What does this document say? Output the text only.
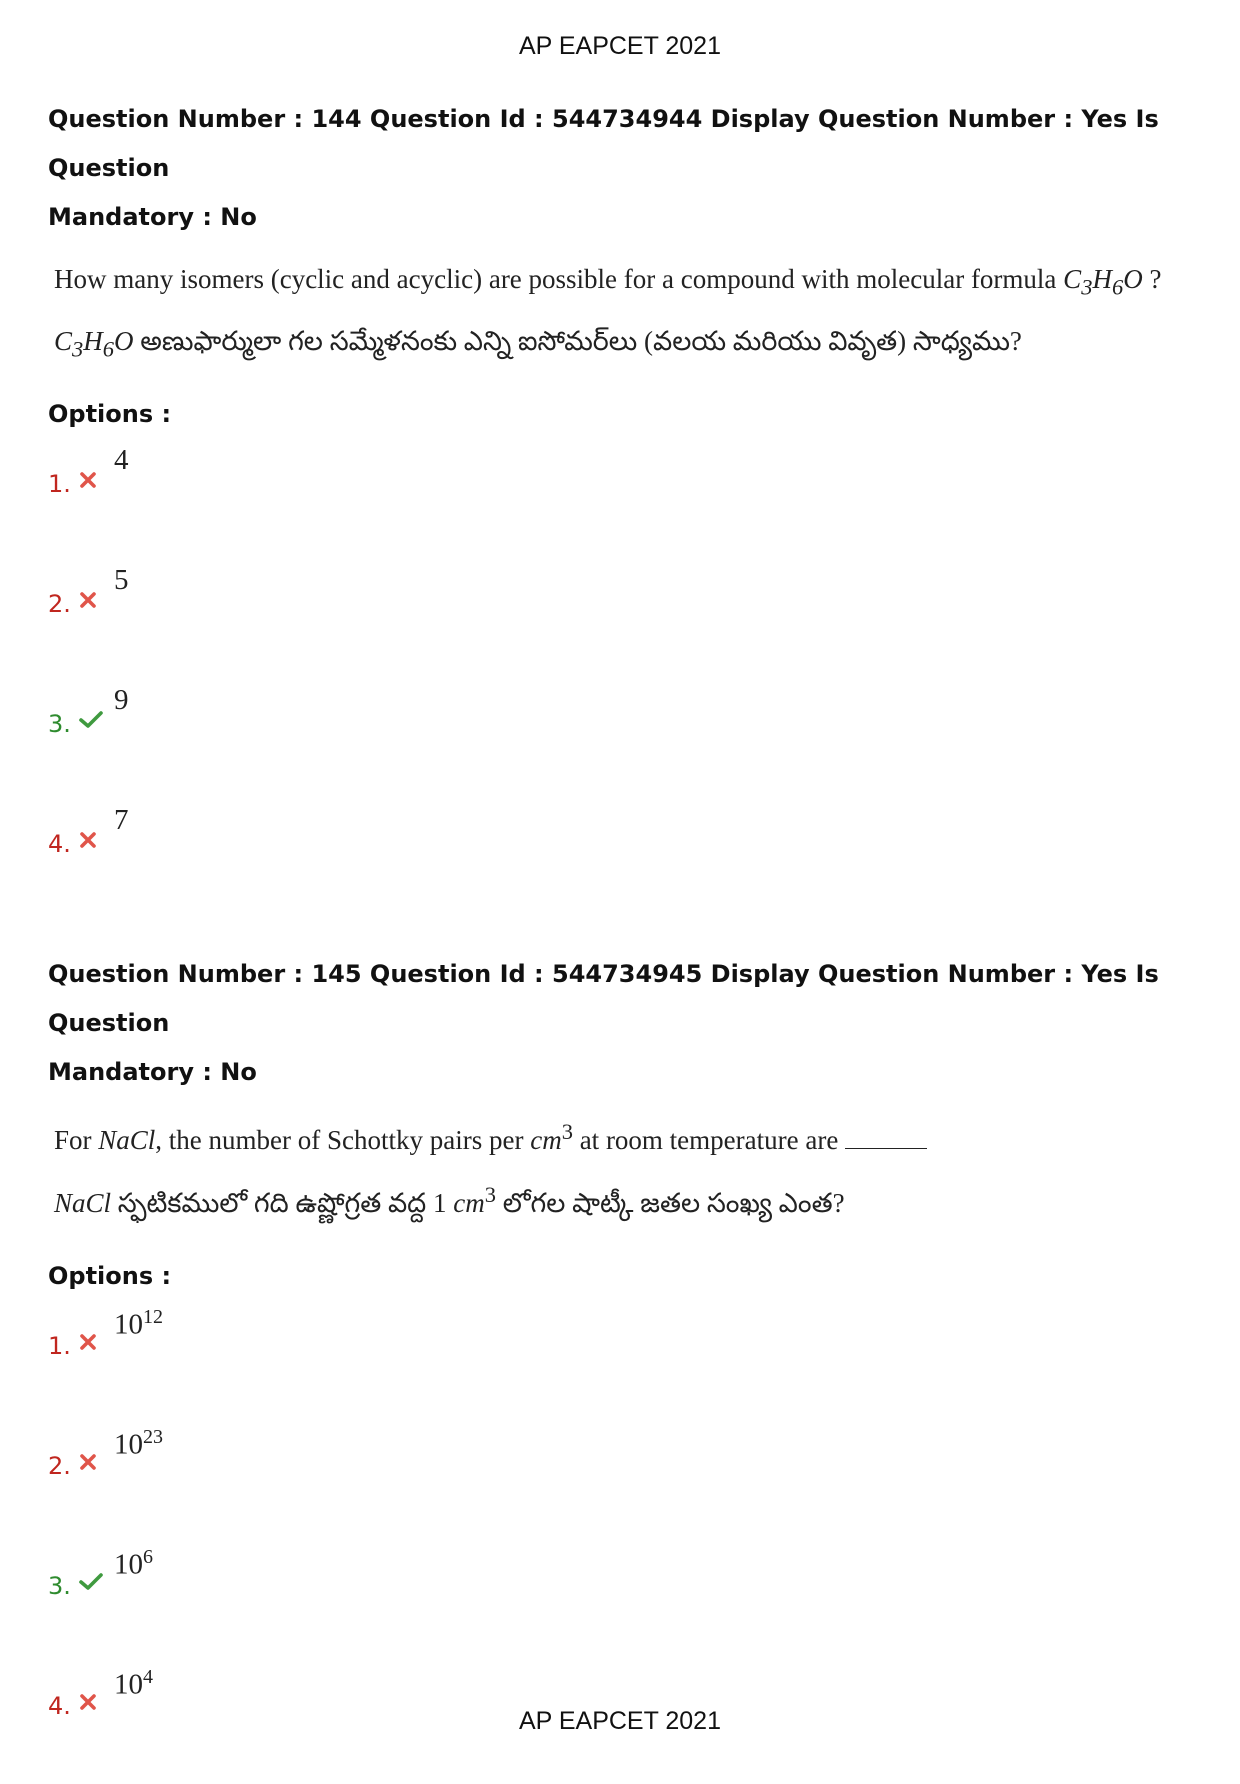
AP EAPCET 2021
Question Number : 144 Question Id : 544734944 Display Question Number : Yes Is Question
Mandatory : No
How many isomers (cyclic and acyclic) are possible for a compound with molecular formula $C_3H_6O$ ?
$C_3H_6O$ అణుఫార్ములా గల సమ్మేళనంకు ఎన్ని ఐసోమర్‌లు (వలయ మరియు వివృత) సాధ్యము?
Options :
1.
4
2.
5
3.
9
4.
7
Question Number : 145 Question Id : 544734945 Display Question Number : Yes Is Question
Mandatory : No
For NaCl, the number of Schottky pairs per $cm^3$ at room temperature are
NaCl స్ఫటికములో గది ఉష్ణోగ్రత వద్ద 1 $cm^3$ లోగల షాట్కీ జతల సంఖ్య ఎంత?
Options :
1.
$10^{12}$
2.
$10^{23}$
3.
$10^6$
4.
$10^4$
AP EAPCET 2021
